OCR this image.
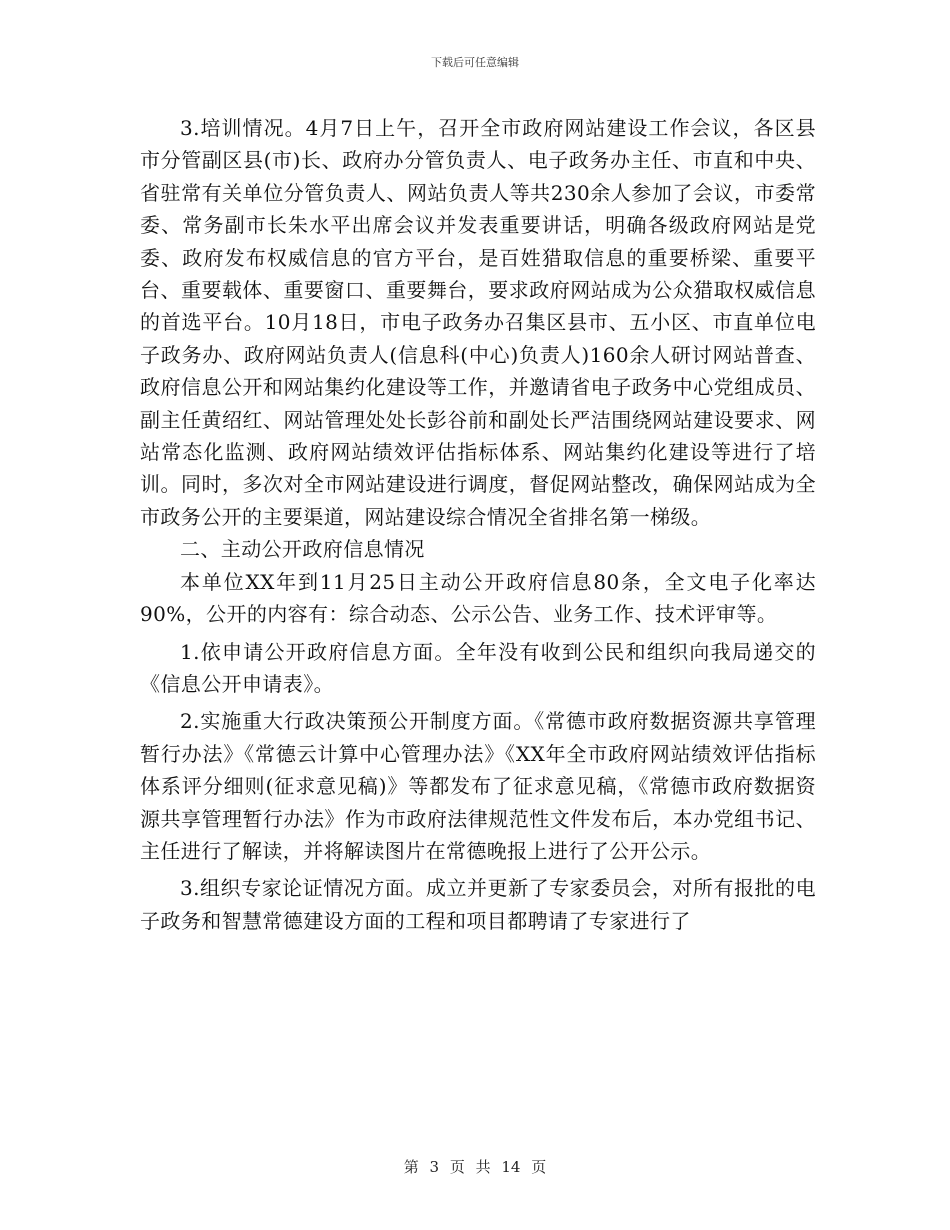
下载后可任意编辑

3.培训情况。4月7日上午，召开全市政府网站建设工作会议，各区县市分管副区县(市)长、政府办分管负责人、电子政务办主任、市直和中央、省驻常有关单位分管负责人、网站负责人等共230余人参加了会议，市委常委、常务副市长朱水平出席会议并发表重要讲话，明确各级政府网站是党委、政府发布权威信息的官方平台，是百姓猎取信息的重要桥梁、重要平台、重要载体、重要窗口、重要舞台，要求政府网站成为公众猎取权威信息的首选平台。10月18日，市电子政务办召集区县市、五小区、市直单位电子政务办、政府网站负责人(信息科(中心)负责人)160余人研讨网站普查、政府信息公开和网站集约化建设等工作，并邀请省电子政务中心党组成员、副主任黄绍红、网站管理处处长彭谷前和副处长严洁围绕网站建设要求、网站常态化监测、政府网站绩效评估指标体系、网站集约化建设等进行了培训。同时，多次对全市网站建设进行调度，督促网站整改，确保网站成为全市政务公开的主要渠道，网站建设综合情况全省排名第一梯级。

二、主动公开政府信息情况

本单位XX年到11月25日主动公开政府信息80条，全文电子化率达90%，公开的内容有：综合动态、公示公告、业务工作、技术评审等。

1.依申请公开政府信息方面。全年没有收到公民和组织向我局递交的《信息公开申请表》。

2.实施重大行政决策预公开制度方面。《常德市政府数据资源共享管理暂行办法》《常德云计算中心管理办法》《XX年全市政府网站绩效评估指标体系评分细则(征求意见稿)》等都发布了征求意见稿，《常德市政府数据资源共享管理暂行办法》作为市政府法律规范性文件发布后，本办党组书记、主任进行了解读，并将解读图片在常德晚报上进行了公开公示。

3.组织专家论证情况方面。成立并更新了专家委员会，对所有报批的电子政务和智慧常德建设方面的工程和项目都聘请了专家进行了

第 3 页 共 14 页
